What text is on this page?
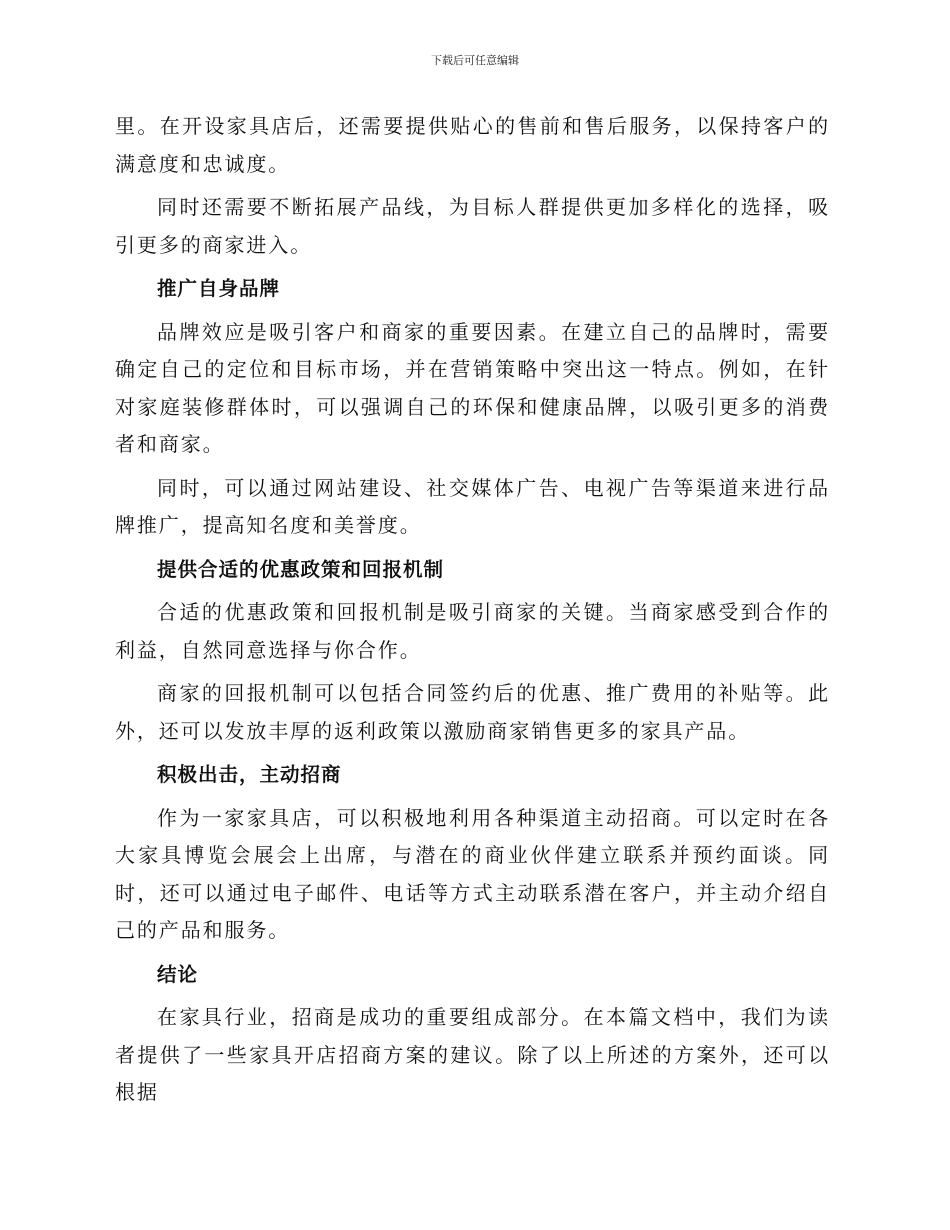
下载后可任意编辑

里。在开设家具店后，还需要提供贴心的售前和售后服务，以保持客户的满意度和忠诚度。

同时还需要不断拓展产品线，为目标人群提供更加多样化的选择，吸引更多的商家进入。

推广自身品牌

品牌效应是吸引客户和商家的重要因素。在建立自己的品牌时，需要确定自己的定位和目标市场，并在营销策略中突出这一特点。例如，在针对家庭装修群体时，可以强调自己的环保和健康品牌，以吸引更多的消费者和商家。

同时，可以通过网站建设、社交媒体广告、电视广告等渠道来进行品牌推广，提高知名度和美誉度。

提供合适的优惠政策和回报机制

合适的优惠政策和回报机制是吸引商家的关键。当商家感受到合作的利益，自然同意选择与你合作。

商家的回报机制可以包括合同签约后的优惠、推广费用的补贴等。此外，还可以发放丰厚的返利政策以激励商家销售更多的家具产品。

积极出击，主动招商

作为一家家具店，可以积极地利用各种渠道主动招商。可以定时在各大家具博览会展会上出席，与潜在的商业伙伴建立联系并预约面谈。同时，还可以通过电子邮件、电话等方式主动联系潜在客户，并主动介绍自己的产品和服务。

结论

在家具行业，招商是成功的重要组成部分。在本篇文档中，我们为读者提供了一些家具开店招商方案的建议。除了以上所述的方案外，还可以根据
